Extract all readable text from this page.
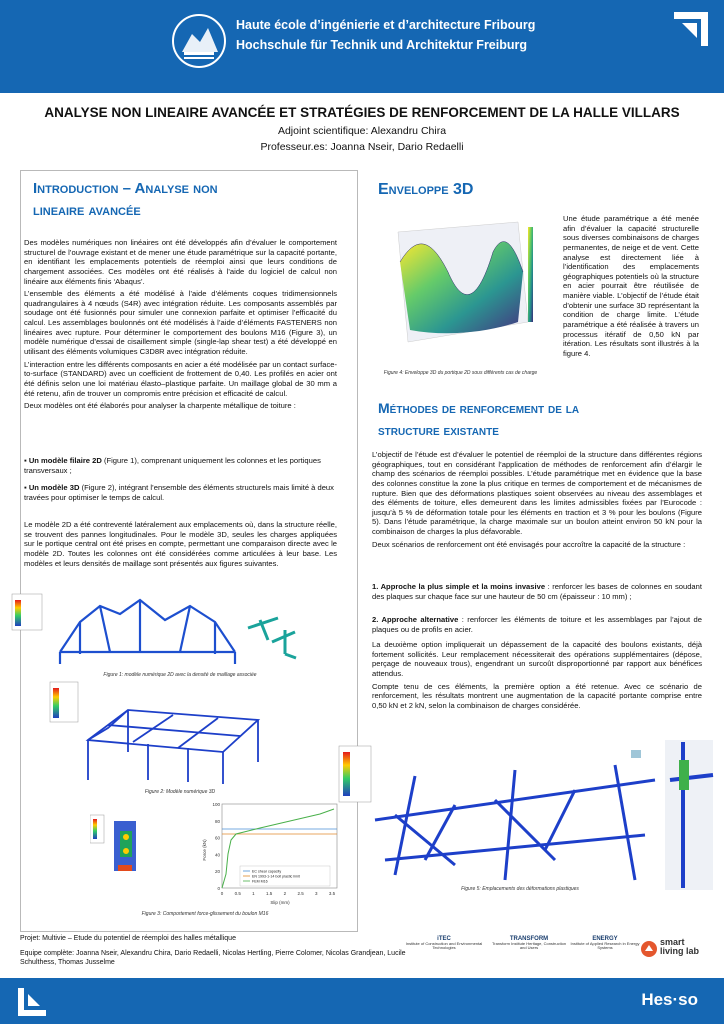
Haute école d’ingénierie et d’architecture Fribourg
Hochschule für Technik und Architektur Freiburg
ANALYSE NON LINEAIRE AVANCÉE ET STRATÉGIES DE RENFORCEMENT DE LA HALLE VILLARS
Adjoint scientifique: Alexandru Chira
Professeur.es: Joanna Nseir, Dario Redaelli
Introduction – Analyse non
lineaire avancée

Des modèles numériques non linéaires ont été développés afin d’évaluer le comportement structurel de l’ouvrage existant et de mener une étude paramétrique sur la capacité portante, en identifiant les emplacements potentiels de réemploi ainsi que leurs conditions de chargement associées. Ces modèles ont été réalisés à l’aide du logiciel de calcul non linéaire aux éléments finis ‘Abaqus’.

L’ensemble des éléments a été modélisé à l’aide d’éléments coques tridimensionnels quadrangulaires à 4 nœuds (S4R) avec intégration réduite. Les composants assemblés par soudage ont été fusionnés pour simuler une connexion parfaite et optimiser l’efficacité du calcul. Les assemblages boulonnés ont été modélisés à l’aide d’éléments FASTENERS non linéaires avec rupture. Pour déterminer le comportement des boulons M16 (Figure 3), un modèle numérique d’essai de cisaillement simple (single-lap shear test) a été développé en utilisant des éléments volumiques C3D8R avec intégration réduite.

L’interaction entre les différents composants en acier a été modélisée par un contact surface-to-surface (STANDARD) avec un coefficient de frottement de 0,40. Les profilés en acier ont été définis selon une loi matériau élasto–plastique parfaite. Un maillage global de 30 mm a été retenu, afin de trouver un compromis entre précision et efficacité de calcul.

Deux modèles ont été élaborés pour analyser la charpente métallique de toiture :

▪ Un modèle filaire 2D (Figure 1), comprenant uniquement les colonnes et les portiques transversaux ;
▪ Un modèle 3D (Figure 2), intégrant l’ensemble des éléments structurels mais limité à deux travées pour optimiser le temps de calcul.
Le modèle 2D a été contreventé latéralement aux emplacements où, dans la structure réelle, se trouvent des pannes longitudinales. Pour le modèle 3D, seules les charges appliquées sur le portique central ont été prises en compte, permettant une comparaison directe avec le modèle 2D. Toutes les colonnes ont été considérées comme articulées à leur base. Les modèles et leurs densités de maillage sont présentés aux figures suivantes.
Figure 1: modèle numérique 2D avec la densité de maillage associée
Figure 2: Modèle numérique 3D
100
80
60
40
20
0
0	0.5	1	1.5	2	2.5	3	3.5
Force (kN)
Slip (mm)
EC shear capacity
EN 1993-1-14 bolt plastic limit
FEM M16
Figure 3: Comportement force-glissement du boulon M16
Enveloppe 3D
Figure 4: Enveloppe 3D du portique 2D sous différents cas de charge
Une étude paramétrique a été menée afin d’évaluer la capacité structurelle sous diverses combinaisons de charges permanentes, de neige et de vent. Cette analyse est directement liée à l’identification des emplacements géographiques potentiels où la structure en acier pourrait être réutilisée de manière viable. L’objectif de l’étude était d’obtenir une surface 3D représentant la condition de charge limite. L’étude paramétrique a été réalisée à travers un processus itératif de 0,50 kN par itération. Les résultats sont illustrés à la figure 4.
Méthodes de renforcement de la
structure existante

L’objectif de l’étude est d’évaluer le potentiel de réemploi de la structure dans différentes régions géographiques, tout en considérant l’application de méthodes de renforcement afin d’élargir le champ des scénarios de réemploi possibles. L’étude paramétrique met en évidence que la base des colonnes constitue la zone la plus critique en termes de comportement et de mécanismes de rupture. Bien que des déformations plastiques soient observées au niveau des assemblages et des éléments de toiture, elles demeurent dans les limites admissibles fixées par l’Eurocode : jusqu’à 5 % de déformation totale pour les éléments en traction et 3 % pour les boulons (Figure 5). Dans l’étude paramétrique, la charge maximale sur un boulon atteint environ 50 kN pour la combinaison de charges la plus défavorable.

Deux scénarios de renforcement ont été envisagés pour accroître la capacité de la structure :

1. Approche la plus simple et la moins invasive : renforcer les bases de colonnes en soudant des plaques sur chaque face sur une hauteur de 50 cm (épaisseur : 10 mm) ;
2. Approche alternative : renforcer les éléments de toiture et les assemblages par l’ajout de plaques ou de profils en acier.

La deuxième option impliquerait un dépassement de la capacité des boulons existants, déjà fortement sollicités. Leur remplacement nécessiterait des opérations supplémentaires (dépose, perçage de nouveaux trous), engendrant un surcoût disproportionné par rapport aux bénéfices attendus.

Compte tenu de ces éléments, la première option a été retenue. Avec ce scénario de renforcement, les résultats montrent une augmentation de la capacité portante comprise entre 0,50 kN et 2 kN, selon la combinaison de charges considérée.

Figure 5: Emplacements des déformations plastiques
Projet: Multivie – Etude du potentiel de réemploi des halles métallique
Equipe complète: Joanna Nseir, Alexandru Chira, Dario Redaelli, Nicolas Hertling, Pierre Colomer, Nicolas Grandjean, Lucile Schulthess, Thomas Jusselme
iTEC
Institute of Construction and Environmental Technologies
TRANSFORM
Transform Institute Heritage, Construction and Users
ENERGY
Institute of Applied Research in Energy Systems
smart living lab
Hes·so
